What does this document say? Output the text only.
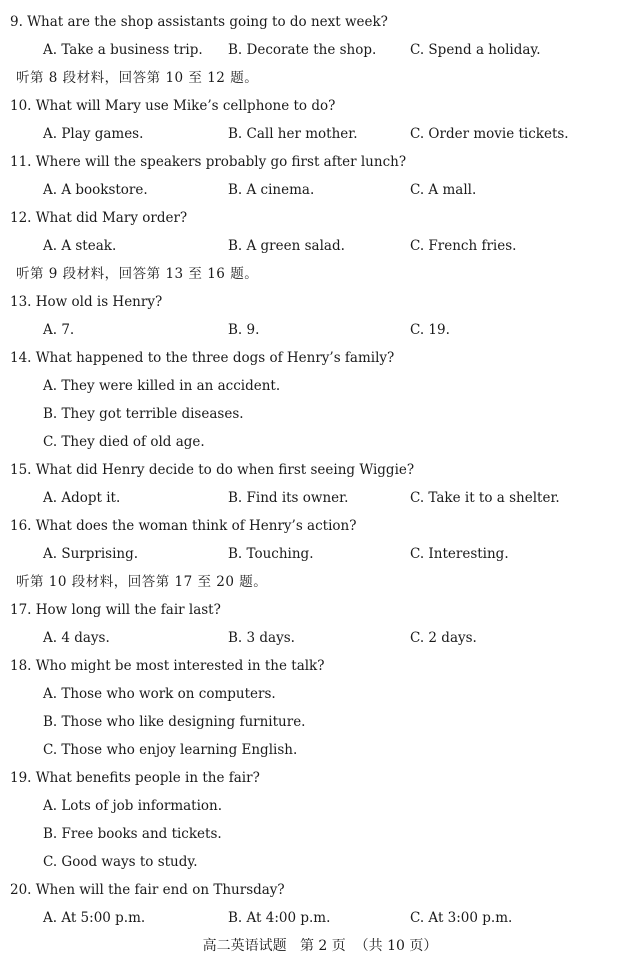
9. What are the shop assistants going to do next week?
A. Take a business trip. B. Decorate the shop. C. Spend a holiday.
听第 8 段材料，回答第 10 至 12 题。
10. What will Mary use Mike’s cellphone to do?
A. Play games.	B. Call her mother.	C. Order movie tickets.
11. Where will the speakers probably go first after lunch?
A. A bookstore.	B. A cinema.	C. A mall.
12. What did Mary order?
A. A steak.	B. A green salad.	C. French fries.
听第 9 段材料，回答第 13 至 16 题。
13. How old is Henry?
A. 7.	B. 9.	C. 19.
14. What happened to the three dogs of Henry’s family?
A. They were killed in an accident.
B. They got terrible diseases.
C. They died of old age.
15. What did Henry decide to do when first seeing Wiggie?
A. Adopt it.	B. Find its owner.	C. Take it to a shelter.
16. What does the woman think of Henry’s action?
A. Surprising.	B. Touching.	C. Interesting.
听第 10 段材料，回答第 17 至 20 题。
17. How long will the fair last?
A. 4 days.	B. 3 days.	C. 2 days.
18. Who might be most interested in the talk?
A. Those who work on computers.
B. Those who like designing furniture.
C. Those who enjoy learning English.
19. What benefits people in the fair?
A. Lots of job information.
B. Free books and tickets.
C. Good ways to study.
20. When will the fair end on Thursday?
A. At 5:00 p.m.	B. At 4:00 p.m.	C. At 3:00 p.m.
高二英语试题   第 2 页  （共 10 页）
